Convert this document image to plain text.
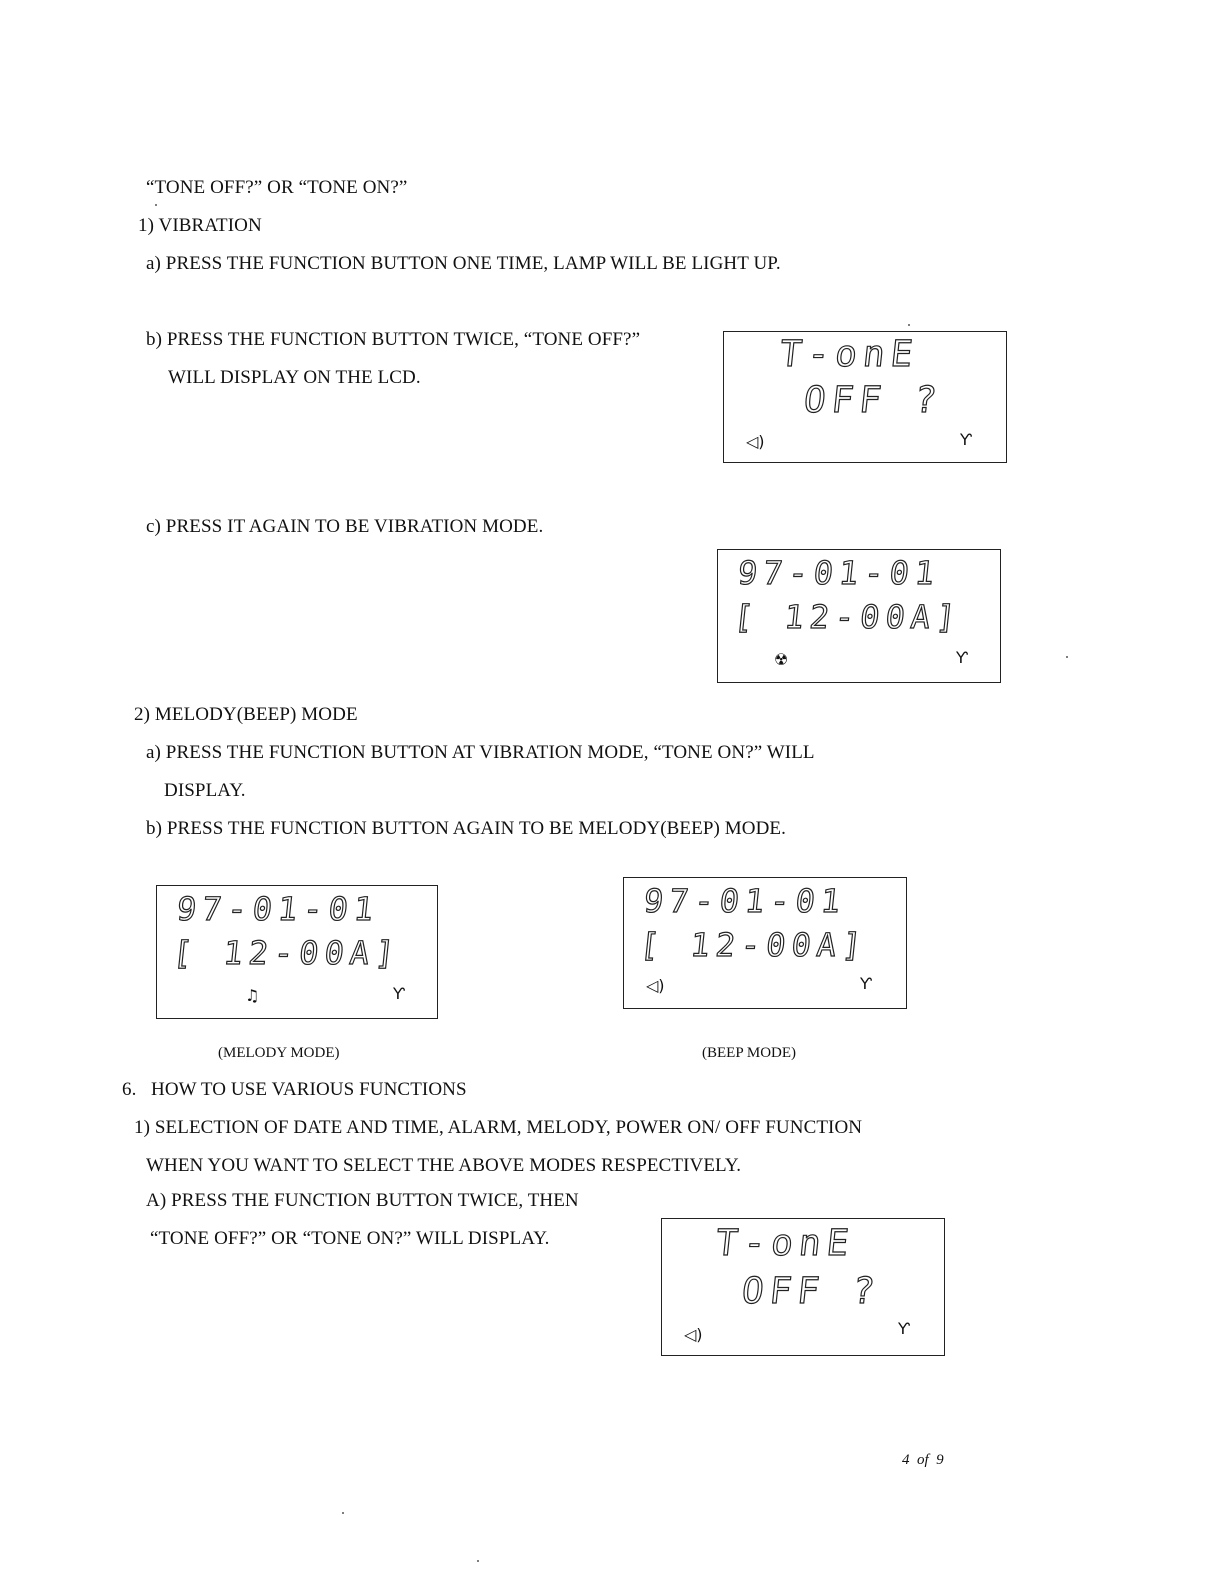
“TONE OFF?” OR “TONE ON?”
1) VIBRATION
a) PRESS THE FUNCTION BUTTON ONE TIME, LAMP WILL BE LIGHT UP.
b) PRESS THE FUNCTION BUTTON TWICE, “TONE OFF?”
WILL DISPLAY ON THE LCD.
T-onE
OFF ?
◁)	Ƴ
c) PRESS IT AGAIN TO BE VIBRATION MODE.
97-01-01
[ 12-00A]
☢	Ƴ
2) MELODY(BEEP) MODE
a) PRESS THE FUNCTION BUTTON AT VIBRATION MODE, “TONE ON?” WILL
DISPLAY.
b) PRESS THE FUNCTION BUTTON AGAIN TO BE MELODY(BEEP) MODE.
97-01-01
[ 12-00A]
♫	Ƴ
97-01-01
[ 12-00A]
◁)	Ƴ
(MELODY MODE)	(BEEP MODE)
6.   HOW TO USE VARIOUS FUNCTIONS
1) SELECTION OF DATE AND TIME, ALARM, MELODY, POWER ON/ OFF FUNCTION
WHEN YOU WANT TO SELECT THE ABOVE MODES RESPECTIVELY.
A) PRESS THE FUNCTION BUTTON TWICE, THEN
“TONE OFF?” OR “TONE ON?” WILL DISPLAY.	T-onE
OFF ?
◁)	Ƴ
4  of  9
